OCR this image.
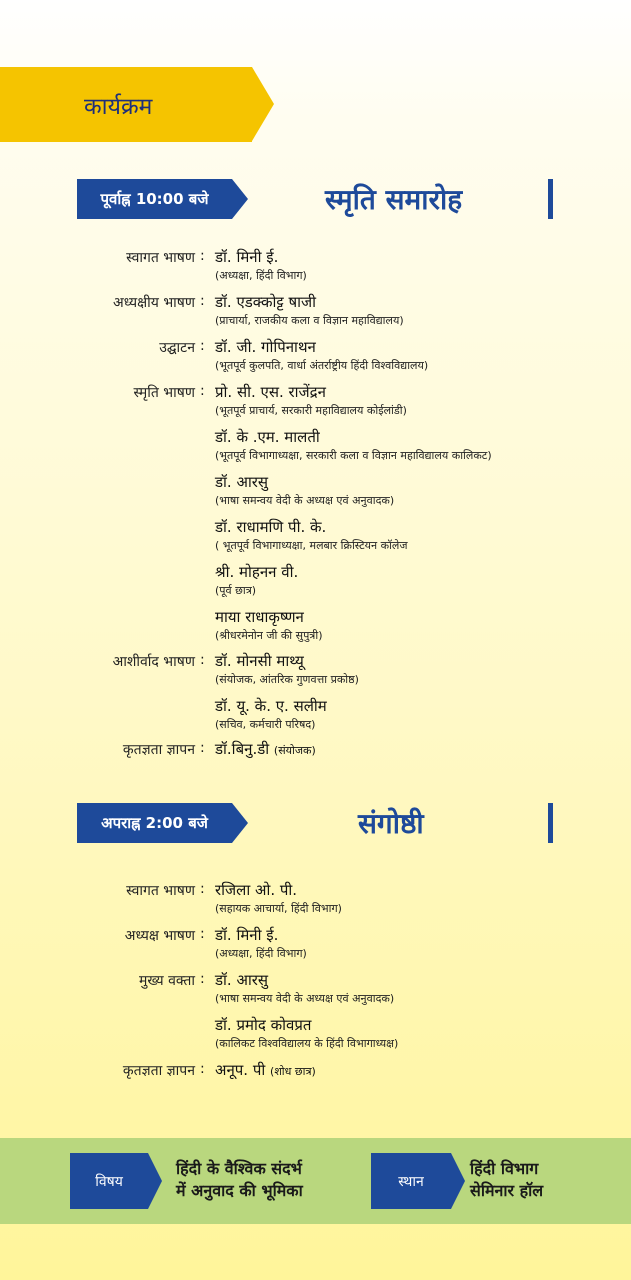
कार्यक्रम
पूर्वाह्न 10:00 बजे	स्मृति समारोह
स्वागत भाषण : डॉ. मिनी ई.
(अध्यक्षा, हिंदी विभाग)
अध्यक्षीय भाषण : डॉ. एडक्कोट्ट षाजी
(प्राचार्या, राजकीय कला व विज्ञान महाविद्यालय)
उद्घाटन : डॉ. जी. गोपिनाथन
(भूतपूर्व कुलपति, वार्धा अंतर्राष्ट्रीय हिंदी विश्वविद्यालय)
स्मृति भाषण : प्रो. सी. एस. राजेंद्रन
(भूतपूर्व प्राचार्य, सरकारी महाविद्यालय कोईलांडी)
डॉ. के .एम. मालती
(भूतपूर्व विभागाध्यक्षा, सरकारी कला व विज्ञान महाविद्यालय कालिकट)
डॉ. आरसु
(भाषा समन्वय वेदी के अध्यक्ष एवं अनुवादक)
डॉ. राधामणि पी. के.
( भूतपूर्व विभागाध्यक्षा, मलबार क्रिस्टियन कॉलेज
श्री. मोहनन वी.
(पूर्व छात्र)
माया राधाकृष्णन
(श्रीधरमेनोन जी की सुपुत्री)
आशीर्वाद भाषण : डॉ. मोनसी माथ्यू
(संयोजक, आंतरिक गुणवत्ता प्रकोष्ठ)
डॉ. यू. के. ए. सलीम
(सचिव, कर्मचारी परिषद)
कृतज्ञता ज्ञापन : डॉ.बिनु.डी (संयोजक)
अपराह्न 2:00 बजे	संगोष्ठी
स्वागत भाषण : रजिला ओ. पी.
(सहायक आचार्या, हिंदी विभाग)
अध्यक्ष भाषण : डॉ. मिनी ई.
(अध्यक्षा, हिंदी विभाग)
मुख्य वक्ता : डॉ. आरसु
(भाषा समन्वय वेदी के अध्यक्ष एवं अनुवादक)
डॉ. प्रमोद कोवप्रत
(कालिकट विश्वविद्यालय के हिंदी विभागाध्यक्ष)
कृतज्ञता ज्ञापन : अनूप. पी (शोध छात्र)
विषय
हिंदी के वैश्विक संदर्भ
में अनुवाद की भूमिका	स्थान
हिंदी विभाग
सेमिनार हॉल
